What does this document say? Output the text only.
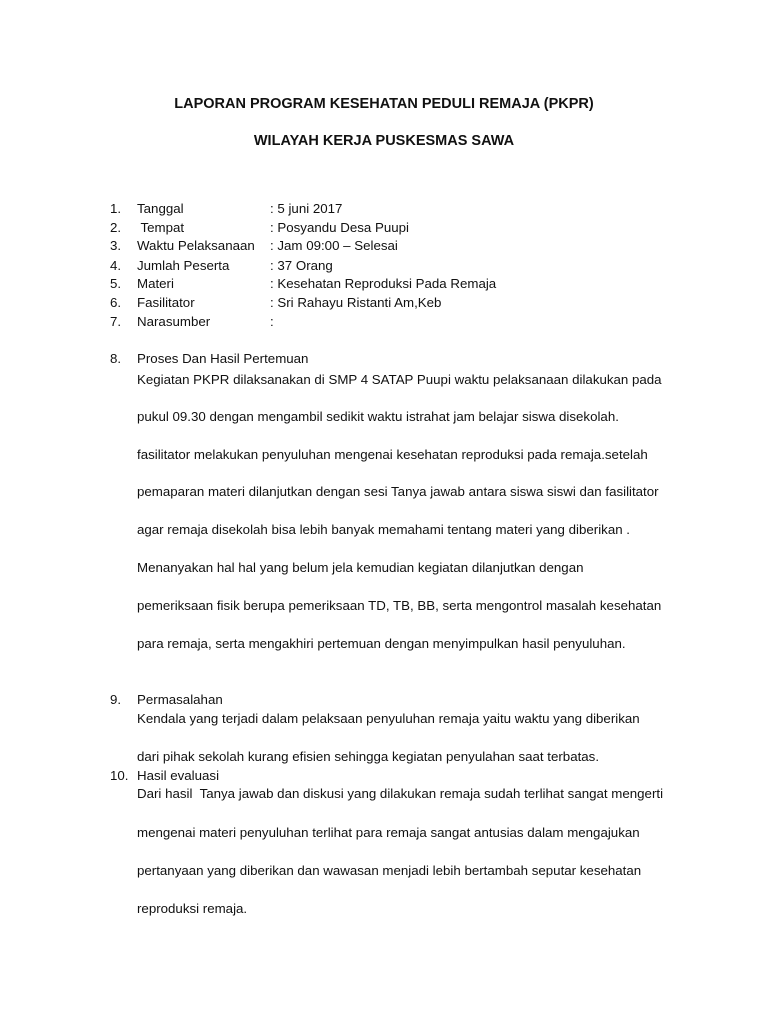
LAPORAN PROGRAM KESEHATAN PEDULI REMAJA (PKPR)
WILAYAH KERJA PUSKESMAS SAWA
1. Tanggal	: 5 juni 2017
2. Tempat	: Posyandu Desa Puupi
3. Waktu Pelaksanaan : Jam 09:00 – Selesai
4. Jumlah Peserta	: 37 Orang
5. Materi	: Kesehatan Reproduksi Pada Remaja
6. Fasilitator	: Sri Rahayu Ristanti Am,Keb
7. Narasumber	:
8. Proses Dan Hasil Pertemuan
Kegiatan PKPR dilaksanakan di SMP 4 SATAP Puupi waktu pelaksanaan dilakukan pada
pukul 09.30 dengan mengambil sedikit waktu istrahat jam belajar siswa disekolah.
fasilitator melakukan penyuluhan mengenai kesehatan reproduksi pada remaja.setelah
pemaparan materi dilanjutkan dengan sesi Tanya jawab antara siswa siswi dan fasilitator
agar remaja disekolah bisa lebih banyak memahami tentang materi yang diberikan .
Menanyakan hal hal yang belum jela kemudian kegiatan dilanjutkan dengan
pemeriksaan fisik berupa pemeriksaan TD, TB, BB, serta mengontrol masalah kesehatan
para remaja, serta mengakhiri pertemuan dengan menyimpulkan hasil penyuluhan.
9. Permasalahan
Kendala yang terjadi dalam pelaksaan penyuluhan remaja yaitu waktu yang diberikan
dari pihak sekolah kurang efisien sehingga kegiatan penyulahan saat terbatas.
10. Hasil evaluasi
Dari hasil  Tanya jawab dan diskusi yang dilakukan remaja sudah terlihat sangat mengerti
mengenai materi penyuluhan terlihat para remaja sangat antusias dalam mengajukan
pertanyaan yang diberikan dan wawasan menjadi lebih bertambah seputar kesehatan
reproduksi remaja.
